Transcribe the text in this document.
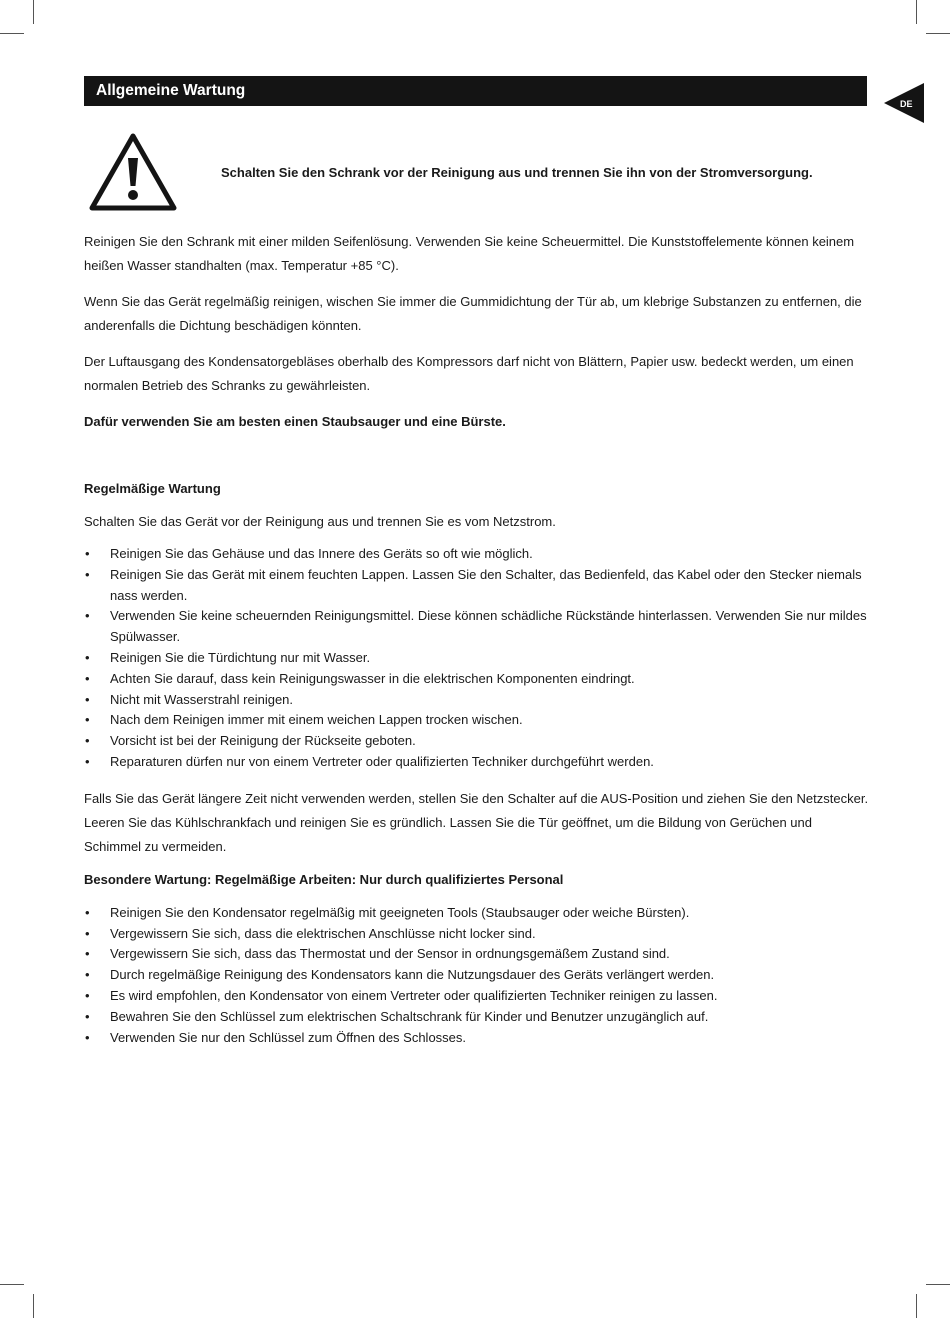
Allgemeine Wartung
DE
Schalten Sie den Schrank vor der Reinigung aus und trennen Sie ihn von der Stromversorgung.

Reinigen Sie den Schrank mit einer milden Seifenlösung. Verwenden Sie keine Scheuermittel. Die Kunststoffelemente können keinem heißen Wasser standhalten (max. Temperatur +85 °C).

Wenn Sie das Gerät regelmäßig reinigen, wischen Sie immer die Gummidichtung der Tür ab, um klebrige Substanzen zu entfernen, die anderenfalls die Dichtung beschädigen könnten.

Der Luftausgang des Kondensatorgebläses oberhalb des Kompressors darf nicht von Blättern, Papier usw. bedeckt werden, um einen normalen Betrieb des Schranks zu gewährleisten.

Dafür verwenden Sie am besten einen Staubsauger und eine Bürste.

Regelmäßige Wartung

Schalten Sie das Gerät vor der Reinigung aus und trennen Sie es vom Netzstrom.

• Reinigen Sie das Gehäuse und das Innere des Geräts so oft wie möglich.
• Reinigen Sie das Gerät mit einem feuchten Lappen. Lassen Sie den Schalter, das Bedienfeld, das Kabel oder den Stecker niemals nass werden.
• Verwenden Sie keine scheuernden Reinigungsmittel. Diese können schädliche Rückstände hinterlassen. Verwenden Sie nur mildes Spülwasser.
• Reinigen Sie die Türdichtung nur mit Wasser.
• Achten Sie darauf, dass kein Reinigungswasser in die elektrischen Komponenten eindringt.
• Nicht mit Wasserstrahl reinigen.
• Nach dem Reinigen immer mit einem weichen Lappen trocken wischen.
• Vorsicht ist bei der Reinigung der Rückseite geboten.
• Reparaturen dürfen nur von einem Vertreter oder qualifizierten Techniker durchgeführt werden.

Falls Sie das Gerät längere Zeit nicht verwenden werden, stellen Sie den Schalter auf die AUS-Position und ziehen Sie den Netzstecker. Leeren Sie das Kühlschrankfach und reinigen Sie es gründlich. Lassen Sie die Tür geöffnet, um die Bildung von Gerüchen und Schimmel zu vermeiden.

Besondere Wartung: Regelmäßige Arbeiten: Nur durch qualifiziertes Personal

• Reinigen Sie den Kondensator regelmäßig mit geeigneten Tools (Staubsauger oder weiche Bürsten).
• Vergewissern Sie sich, dass die elektrischen Anschlüsse nicht locker sind.
• Vergewissern Sie sich, dass das Thermostat und der Sensor in ordnungsgemäßem Zustand sind.
• Durch regelmäßige Reinigung des Kondensators kann die Nutzungsdauer des Geräts verlängert werden.
• Es wird empfohlen, den Kondensator von einem Vertreter oder qualifizierten Techniker reinigen zu lassen.
• Bewahren Sie den Schlüssel zum elektrischen Schaltschrank für Kinder und Benutzer unzugänglich auf.
• Verwenden Sie nur den Schlüssel zum Öffnen des Schlosses.
